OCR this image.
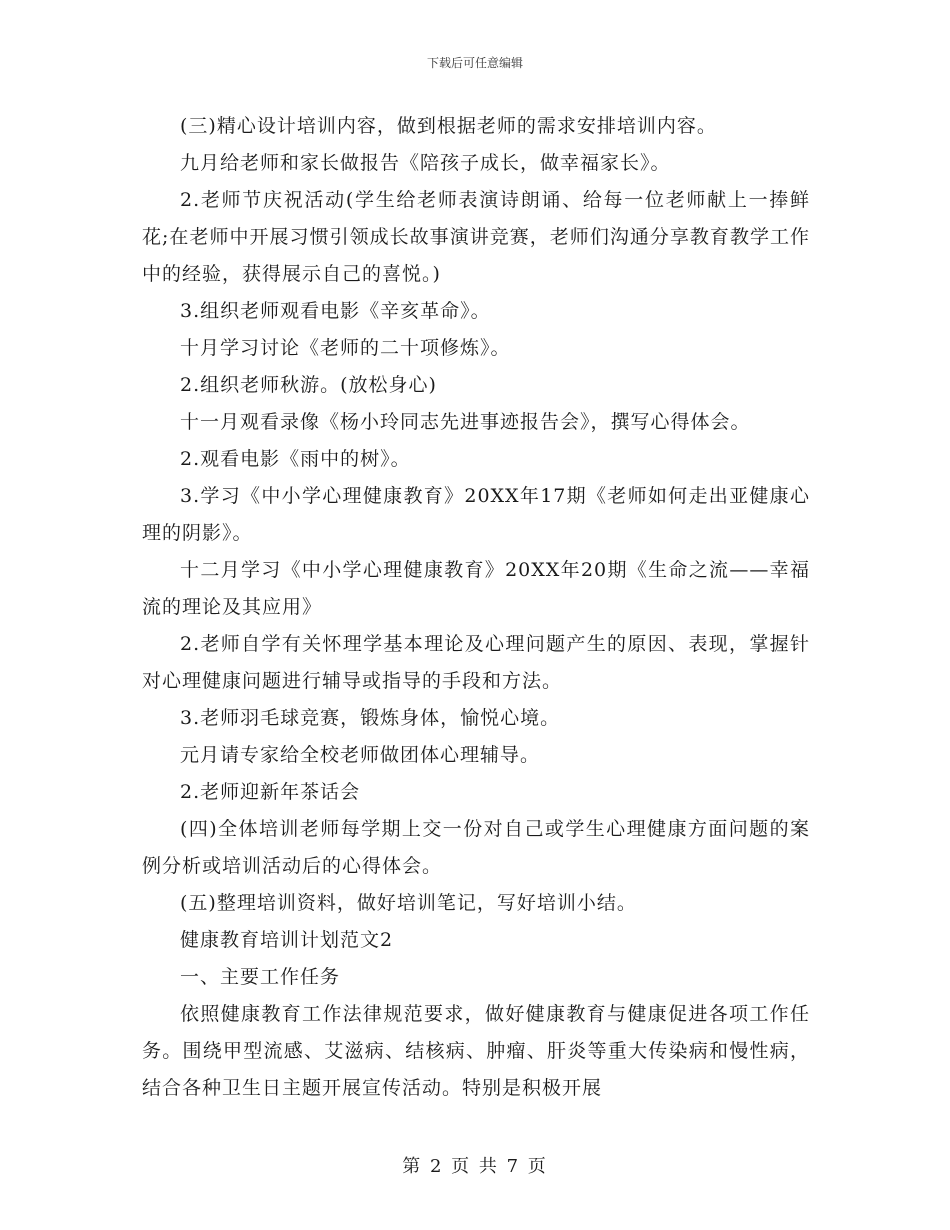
下载后可任意编辑

(三)精心设计培训内容，做到根据老师的需求安排培训内容。

九月给老师和家长做报告《陪孩子成长，做幸福家长》。

2.老师节庆祝活动(学生给老师表演诗朗诵、给每一位老师献上一捧鲜花;在老师中开展习惯引领成长故事演讲竞赛，老师们沟通分享教育教学工作中的经验，获得展示自己的喜悦。)

3.组织老师观看电影《辛亥革命》。

十月学习讨论《老师的二十项修炼》。

2.组织老师秋游。(放松身心)

十一月观看录像《杨小玲同志先进事迹报告会》，撰写心得体会。

2.观看电影《雨中的树》。

3.学习《中小学心理健康教育》20XX年17期《老师如何走出亚健康心理的阴影》。

十二月学习《中小学心理健康教育》20XX年20期《生命之流——幸福流的理论及其应用》

2.老师自学有关怀理学基本理论及心理问题产生的原因、表现，掌握针对心理健康问题进行辅导或指导的手段和方法。

3.老师羽毛球竞赛，锻炼身体，愉悦心境。

元月请专家给全校老师做团体心理辅导。

2.老师迎新年茶话会

(四)全体培训老师每学期上交一份对自己或学生心理健康方面问题的案例分析或培训活动后的心得体会。

(五)整理培训资料，做好培训笔记，写好培训小结。

健康教育培训计划范文2

一、主要工作任务

依照健康教育工作法律规范要求，做好健康教育与健康促进各项工作任务。围绕甲型流感、艾滋病、结核病、肿瘤、肝炎等重大传染病和慢性病，结合各种卫生日主题开展宣传活动。特别是积极开展

第 2 页 共 7 页
